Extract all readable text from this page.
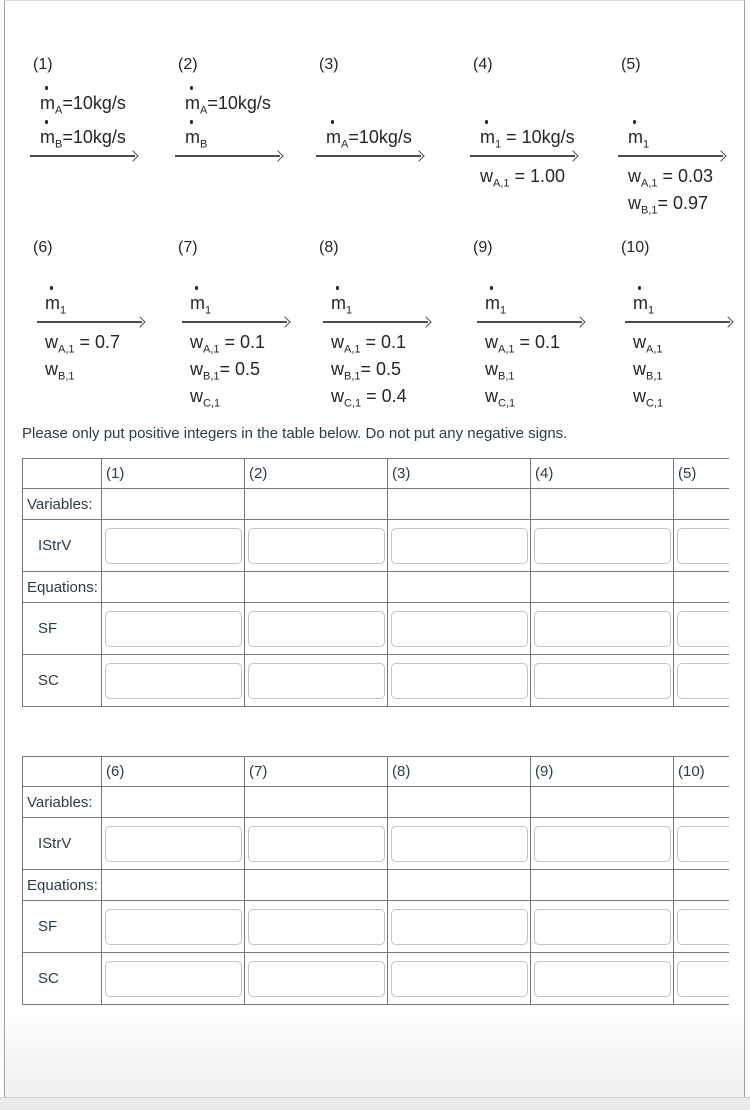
(1)
$m_A=10kg/s$
$m_B=10kg/s$
(2)
$m_A=10kg/s$
$m_B$
(3)
$m_A=10kg/s$
(4)
$m_1 = 10kg/s$
$w_{A,1} = 1.00$
(5)
$m_1$
$w_{A,1} = 0.03$
$w_{B,1}= 0.97$
(6)
$m_1$
$w_{A,1} = 0.7$
$w_{B,1}$
(7)
$m_1$
$w_{A,1} = 0.1$
$w_{B,1}= 0.5$
$w_{C,1}$
(8)
$m_1$
$w_{A,1} = 0.1$
$w_{B,1}= 0.5$
$w_{C,1} = 0.4$
(9)
$m_1$
$w_{A,1} = 0.1$
$w_{B,1}$
$w_{C,1}$
(10)
$m_1$
$w_{A,1}$
$w_{B,1}$
$w_{C,1}$

Please only put positive integers in the table below. Do not put any negative signs.

	(1)	(2)	(3)	(4)	(5)
Variables:					
IStrV	

Equations:					
SF	

SC	

	(6)	(7)	(8)	(9)	(10)
Variables:					
IStrV	

Equations:					
SF	

SC	
